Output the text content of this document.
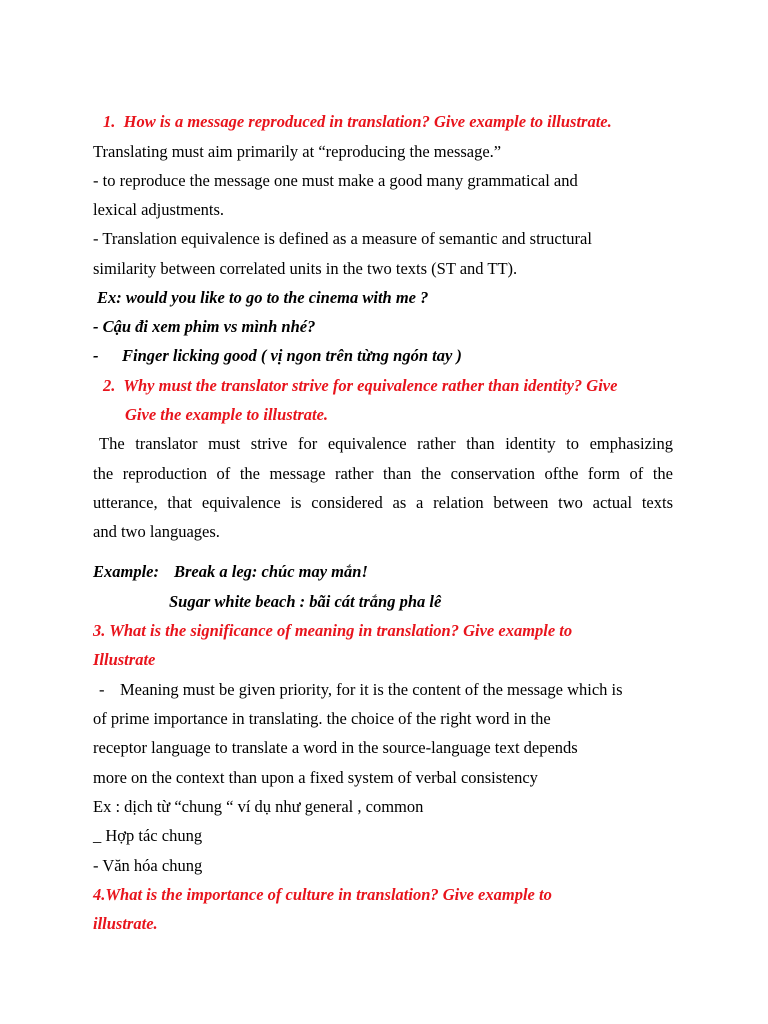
1. How is a message reproduced in translation? Give example to illustrate.
Translating must aim primarily at “reproducing the message.”
- to reproduce the message one must make a good many grammatical and
lexical adjustments.
- Translation equivalence is defined as a measure of semantic and structural
similarity between correlated units in the two texts (ST and TT).
Ex: would you like to go to the cinema with me ?
- Cậu đi xem phim vs mình nhé?
- Finger licking good ( vị ngon trên từng ngón tay )
2. Why must the translator strive for equivalence rather than identity? Give
Give the example to illustrate.
The translator must strive for equivalence rather than identity to emphasizing
the reproduction of the message rather than the conservation ofthe form of the
utterance, that equivalence is considered as a relation between two actual texts
and two languages.
Example: Break a leg: chúc may mắn!
Sugar white beach : bãi cát trắng pha lê
3. What is the significance of meaning in translation? Give example to
Illustrate
- Meaning must be given priority, for it is the content of the message which is
of prime importance in translating. the choice of the right word in the
receptor language to translate a word in the source-language text depends
more on the context than upon a fixed system of verbal consistency
Ex : dịch từ “chung “ ví dụ như general , common
_ Hợp tác chung
- Văn hóa chung
4.What is the importance of culture in translation? Give example to
illustrate.
